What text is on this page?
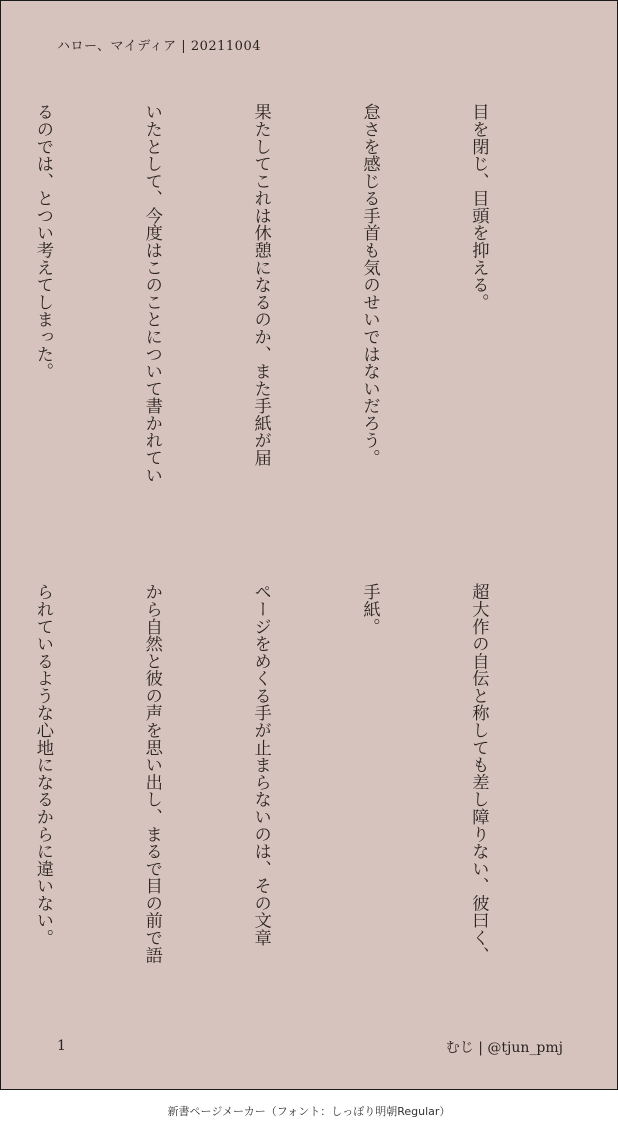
ハロー、マイディア | 20211004

目を閉じ、目頭を抑える。

怠さを感じる手首も気のせいではないだろう。

果たしてこれは休憩になるのか、また手紙が届

いたとして、今度はこのことについて書かれてい

るのでは、とつい考えてしまった。

超大作の自伝と称しても差し障りない、彼曰く、

手紙。

ページをめくる手が止まらないのは、その文章

から自然と彼の声を思い出し、まるで目の前で語

られているような心地になるからに違いない。

1	むじ | @tjun_pmj
新書ページメーカー（フォント：しっぽり明朝Regular）
